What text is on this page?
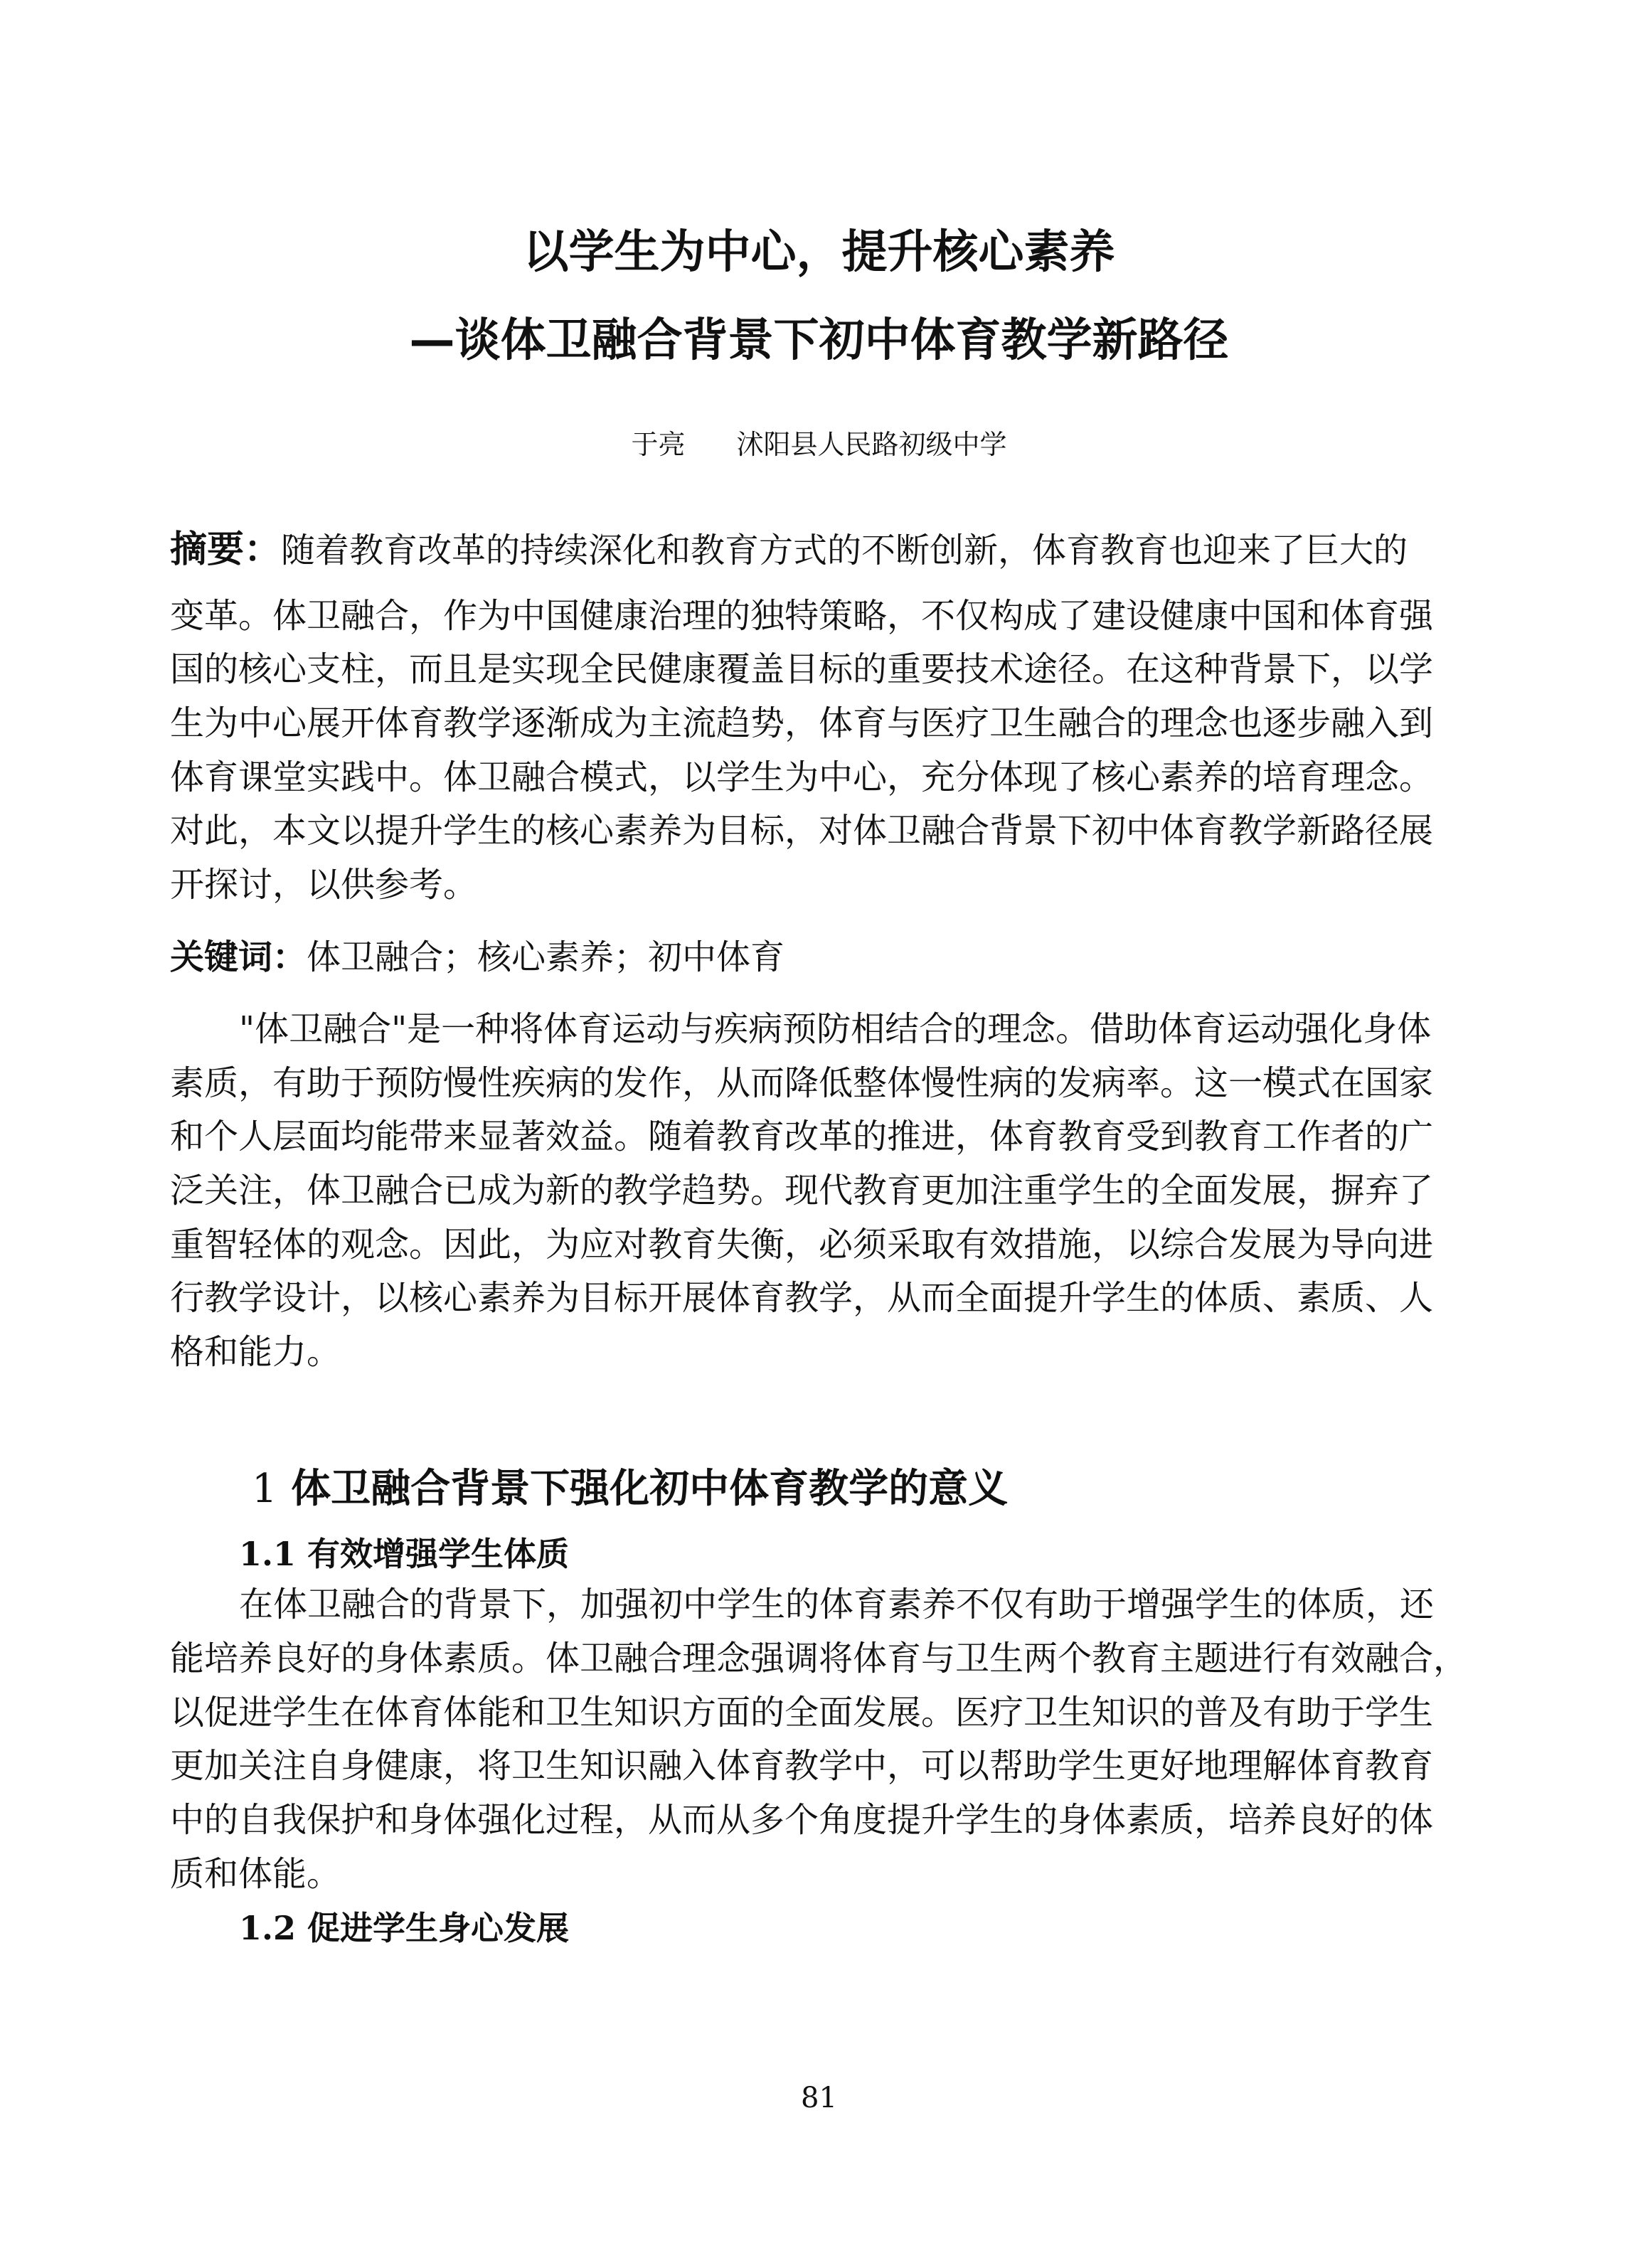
以学生为中心，提升核心素养
—谈体卫融合背景下初中体育教学新路径
于亮 沭阳县人民路初级中学

摘要：随着教育改革的持续深化和教育方式的不断创新，体育教育也迎来了巨大的

变革。体卫融合，作为中国健康治理的独特策略，不仅构成了建设健康中国和体育强

国的核心支柱，而且是实现全民健康覆盖目标的重要技术途径。在这种背景下，以学

生为中心展开体育教学逐渐成为主流趋势，体育与医疗卫生融合的理念也逐步融入到

体育课堂实践中。体卫融合模式，以学生为中心，充分体现了核心素养的培育理念。

对此，本文以提升学生的核心素养为目标，对体卫融合背景下初中体育教学新路径展

开探讨，以供参考。

关键词：体卫融合；核心素养；初中体育

"体卫融合"是一种将体育运动与疾病预防相结合的理念。借助体育运动强化身体

素质，有助于预防慢性疾病的发作，从而降低整体慢性病的发病率。这一模式在国家

和个人层面均能带来显著效益。随着教育改革的推进，体育教育受到教育工作者的广

泛关注，体卫融合已成为新的教学趋势。现代教育更加注重学生的全面发展，摒弃了

重智轻体的观念。因此，为应对教育失衡，必须采取有效措施，以综合发展为导向进

行教学设计，以核心素养为目标开展体育教学，从而全面提升学生的体质、素质、人

格和能力。

1 体卫融合背景下强化初中体育教学的意义
1.1 有效增强学生体质

在体卫融合的背景下，加强初中学生的体育素养不仅有助于增强学生的体质，还

能培养良好的身体素质。体卫融合理念强调将体育与卫生两个教育主题进行有效融合，

以促进学生在体育体能和卫生知识方面的全面发展。医疗卫生知识的普及有助于学生

更加关注自身健康，将卫生知识融入体育教学中，可以帮助学生更好地理解体育教育

中的自我保护和身体强化过程，从而从多个角度提升学生的身体素质，培养良好的体

质和体能。

1.2 促进学生身心发展
81
